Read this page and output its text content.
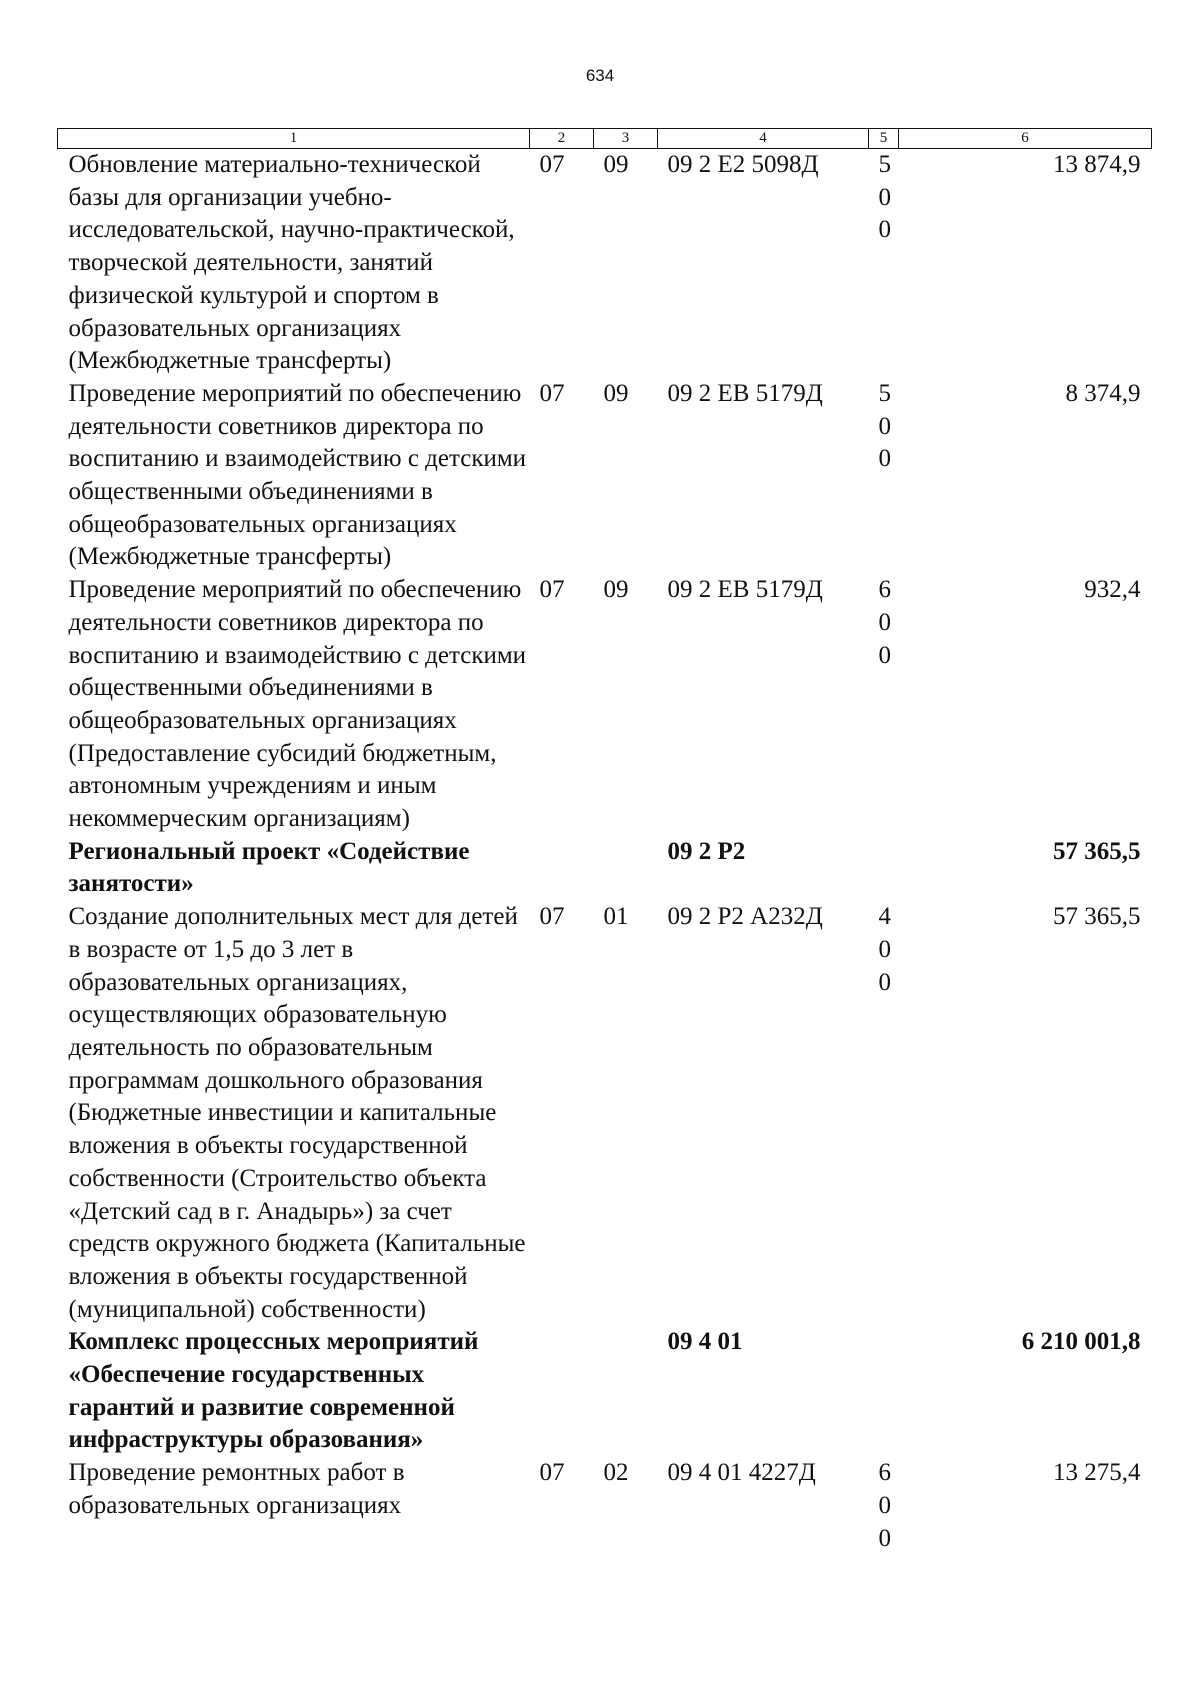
634
1	2	3	4	5	6
Обновление материально-технической базы для организации учебно-исследовательской, научно-практической, творческой деятельности, занятий физической культурой и спортом в образовательных организациях (Межбюджетные трансферты)	07	09	09 2 E2 5098Д	500	13 874,9
Проведение мероприятий по обеспечению деятельности советников директора по воспитанию и взаимодействию с детскими общественными объединениями в общеобразовательных организациях (Межбюджетные трансферты)	07	09	09 2 EВ 5179Д	500	8 374,9
Проведение мероприятий по обеспечению деятельности советников директора по воспитанию и взаимодействию с детскими общественными объединениями в общеобразовательных организациях (Предоставление субсидий бюджетным, автономным учреждениям и иным некоммерческим организациям)	07	09	09 2 EВ 5179Д	600	932,4
Региональный проект «Содействие занятости»			09 2 P2		57 365,5
Создание дополнительных мест для детей в возрасте от 1,5 до 3 лет в образовательных организациях, осуществляющих образовательную деятельность по образовательным программам дошкольного образования (Бюджетные инвестиции и капитальные вложения в объекты государственной собственности (Строительство объекта «Детский сад в г. Анадырь») за счет средств окружного бюджета (Капитальные вложения в объекты государственной (муниципальной) собственности)	07	01	09 2 P2 А232Д	400	57 365,5
Комплекс процессных мероприятий «Обеспечение государственных гарантий и развитие современной инфраструктуры образования»			09 4 01		6 210 001,8
Проведение ремонтных работ в образовательных организациях	07	02	09 4 01 4227Д	600	13 275,4
